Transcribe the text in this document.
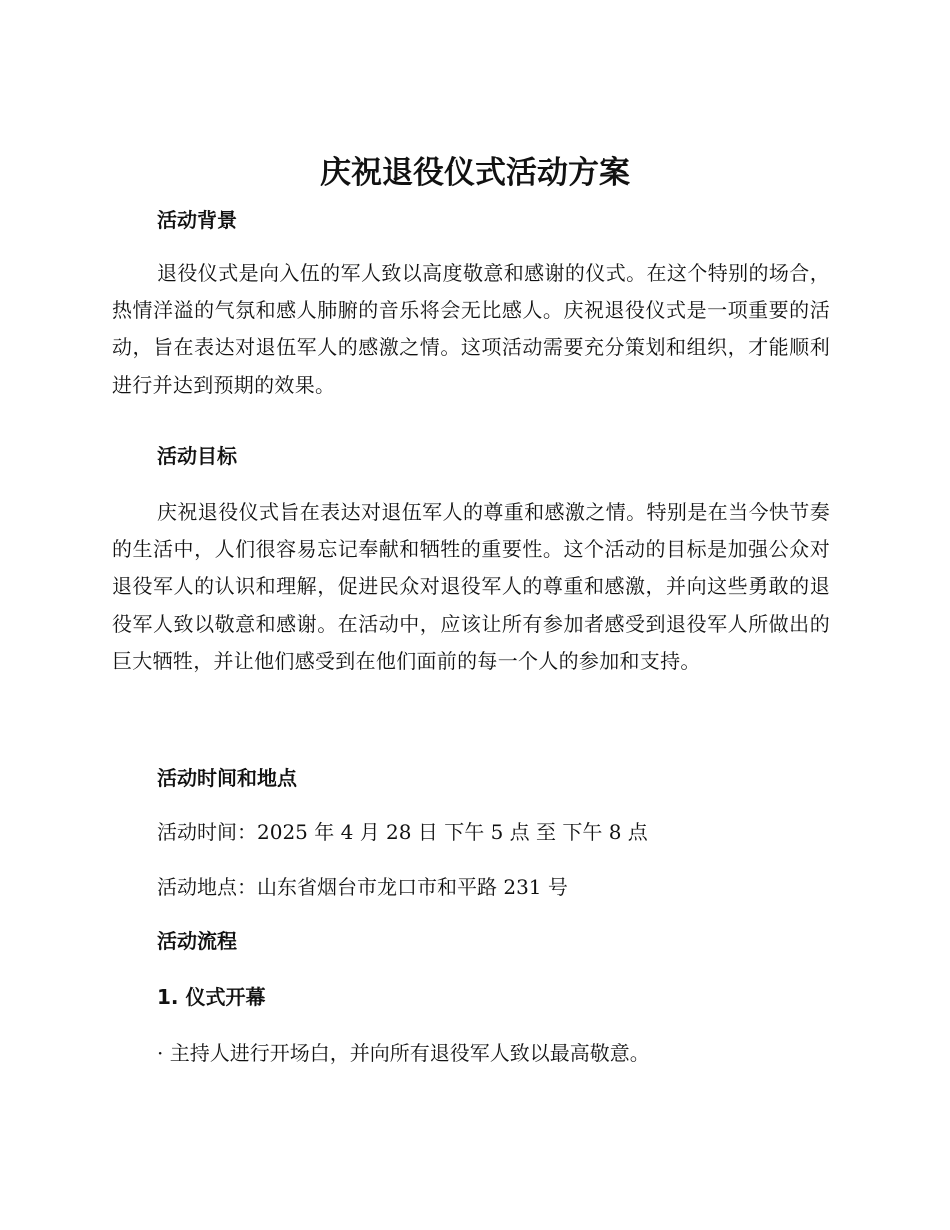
庆祝退役仪式活动方案
活动背景

退役仪式是向入伍的军人致以高度敬意和感谢的仪式。在这个特别的场合，热情洋溢的气氛和感人肺腑的音乐将会无比感人。庆祝退役仪式是一项重要的活动，旨在表达对退伍军人的感激之情。这项活动需要充分策划和组织，才能顺利进行并达到预期的效果。

活动目标

庆祝退役仪式旨在表达对退伍军人的尊重和感激之情。特别是在当今快节奏的生活中，人们很容易忘记奉献和牺牲的重要性。这个活动的目标是加强公众对退役军人的认识和理解，促进民众对退役军人的尊重和感激，并向这些勇敢的退役军人致以敬意和感谢。在活动中，应该让所有参加者感受到退役军人所做出的巨大牺牲，并让他们感受到在他们面前的每一个人的参加和支持。

活动时间和地点

活动时间：2025 年 4 月 28 日 下午 5 点 至 下午 8 点

活动地点：山东省烟台市龙口市和平路 231 号

活动流程
1. 仪式开幕

· 主持人进行开场白，并向所有退役军人致以最高敬意。
